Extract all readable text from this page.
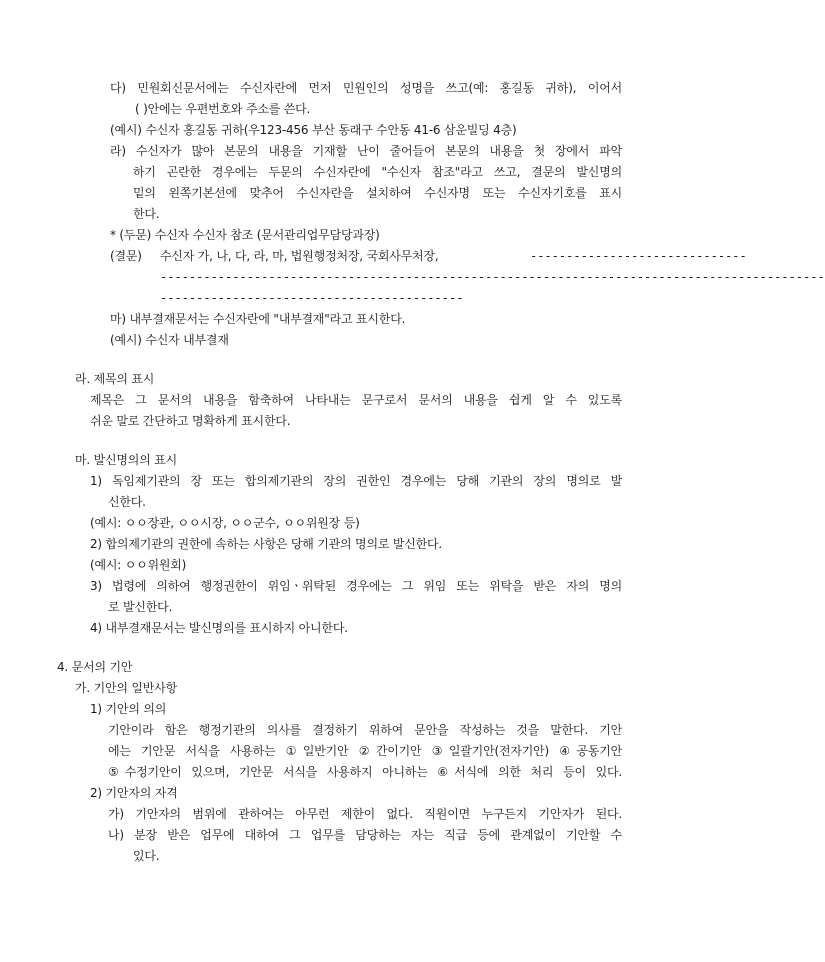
다) 민원회신문서에는 수신자란에 먼저 민원인의 성명을 쓰고(예: 홍길동 귀하), 이어서
( )안에는 우편번호와 주소를 쓴다.
(예시) 수신자 홍길동 귀하(우123-456 부산 동래구 수안동 41-6 삼운빌딩 4층)
라) 수신자가 많아 본문의 내용을 기재할 난이 줄어들어 본문의 내용을 첫 장에서 파악
하기 곤란한 경우에는 두문의 수신자란에 "수신자 참조"라고 쓰고, 결문의 발신명의
밑의 왼쪽기본선에 맞추어 수신자란을 설치하여 수신자명 또는 수신자기호를 표시
한다.
* (두문) 수신자 수신자 참조 (문서관리업무담당과장)
(결문) 수신자 가, 나, 다, 라, 마, 법원행정처장, 국회사무처장,	------------------------------
--------------------------------------------------------------------------------------------
------------------------------------------
마) 내부결재문서는 수신자란에 "내부결재"라고 표시한다.
(예시) 수신자 내부결재
라. 제목의 표시
제목은 그 문서의 내용을 함축하여 나타내는 문구로서 문서의 내용을 쉽게 알 수 있도록
쉬운 말로 간단하고 명확하게 표시한다.
마. 발신명의의 표시
1) 독임제기관의 장 또는 합의제기관의 장의 권한인 경우에는 당해 기관의 장의 명의로 발
신한다.
(예시: ㅇㅇ장관, ㅇㅇ시장, ㅇㅇ군수, ㅇㅇ위원장 등)
2) 합의제기관의 권한에 속하는 사항은 당해 기관의 명의로 발신한다.
(예시: ㅇㅇ위원회)
3) 법령에 의하여 행정권한이 위임ㆍ위탁된 경우에는 그 위임 또는 위탁을 받은 자의 명의
로 발신한다.
4) 내부결재문서는 발신명의를 표시하지 아니한다.
4. 문서의 기안
가. 기안의 일반사항
1) 기안의 의의
기안이라 함은 행정기관의 의사를 결정하기 위하여 문안을 작성하는 것을 말한다. 기안
에는 기안문 서식을 사용하는 ①일반기안 ②간이기안 ③일괄기안(전자기안) ④공동기안
⑤수정기안이 있으며, 기안문 서식을 사용하지 아니하는 ⑥서식에 의한 처리 등이 있다.
2) 기안자의 자격
가) 기안자의 범위에 관하여는 아무런 제한이 없다. 직원이면 누구든지 기안자가 된다.
나) 분장 받은 업무에 대하여 그 업무를 담당하는 자는 직급 등에 관계없이 기안할 수
있다.
